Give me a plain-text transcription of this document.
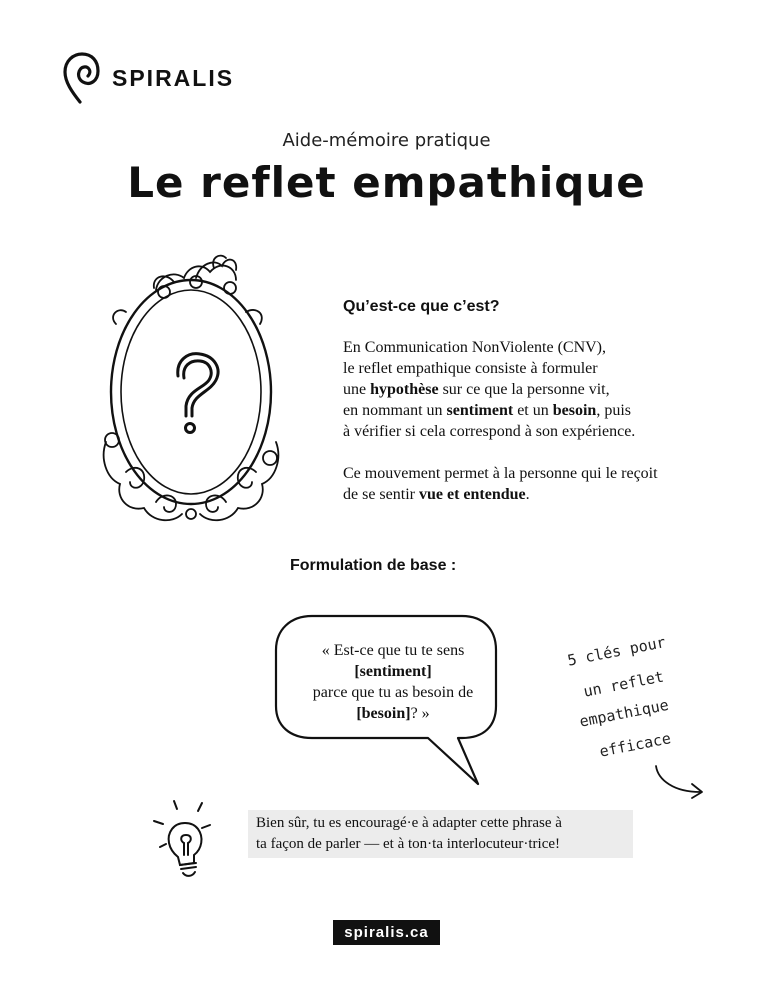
SPIRALIS
Aide-mémoire pratique
Le reflet empathique
Qu’est-ce que c’est?

En Communication NonViolente (CNV),

le reflet empathique consiste à formuler

une hypothèse sur ce que la personne vit,

en nommant un sentiment et un besoin, puis

à vérifier si cela correspond à son expérience.

Ce mouvement permet à la personne qui le reçoit

de se sentir vue et entendue.

Formulation de base :

« Est-ce que tu te sens

[sentiment]

parce que tu as besoin de

[besoin]? »

5 clés pour
un reflet
empathique
efficace
Bien sûr, tu es encouragé·e à adapter cette phrase à
ta façon de parler — et à ton·ta interlocuteur·trice!
spiralis.ca
